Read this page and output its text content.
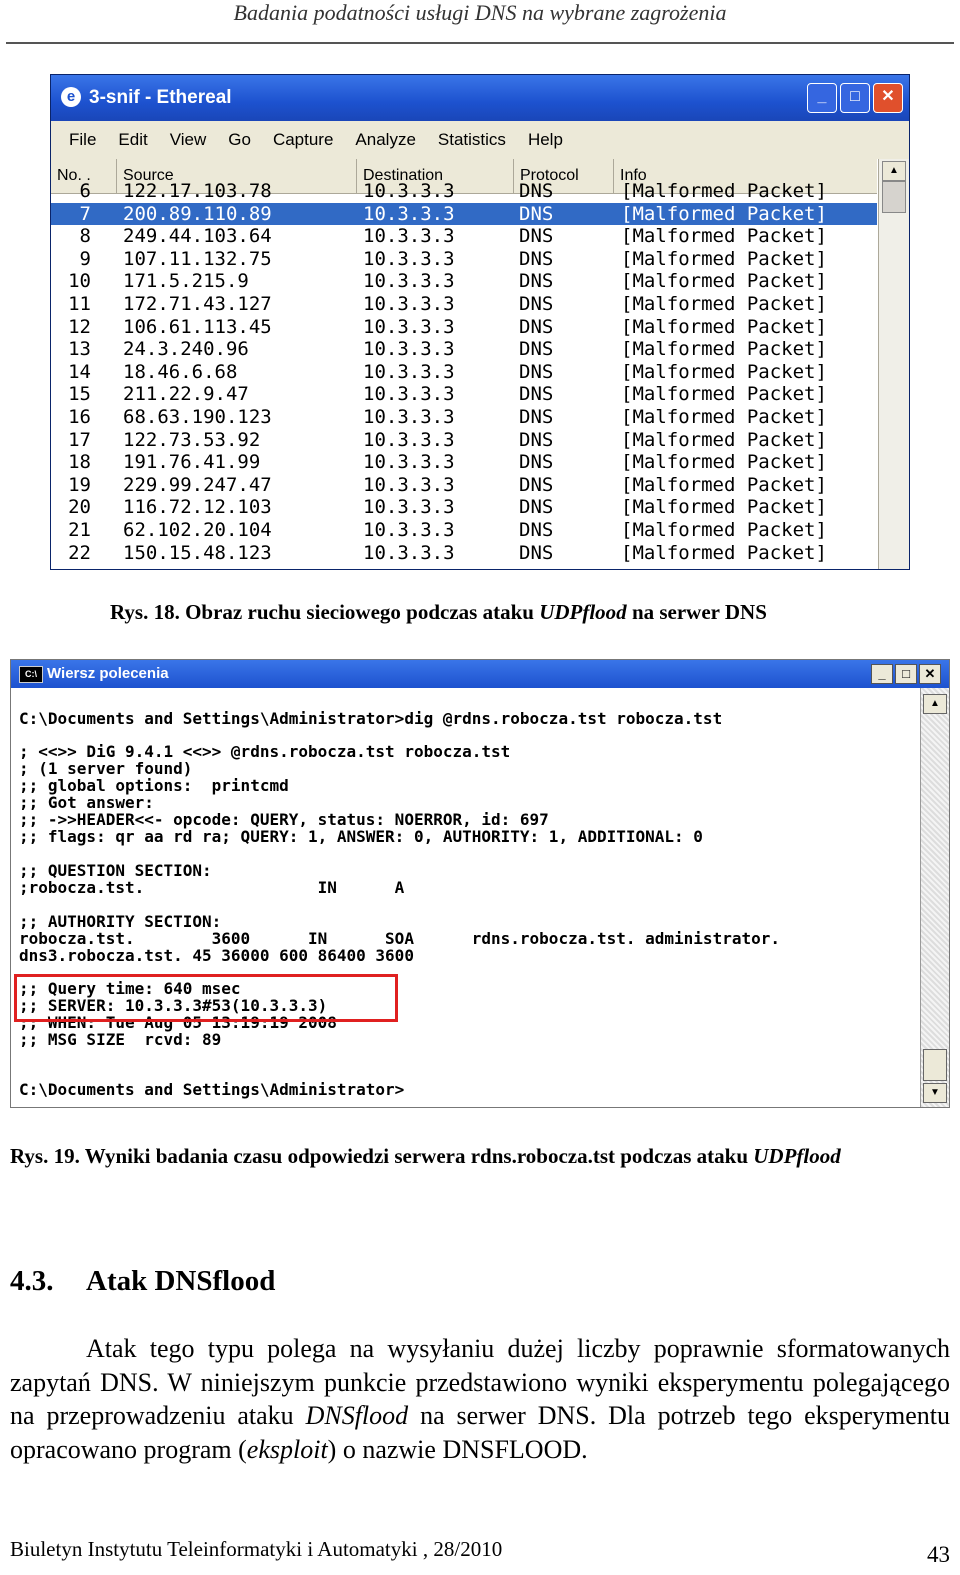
Badania podatności usługi DNS na wybrane zagrożenia
e 3-snif - Ethereal	_	□	✕
File Edit View Go Capture Analyze Statistics Help
No. .	Source	Destination	Protocol	Info
6 122.17.103.78	10.3.3.3	DNS	[Malformed Packet]
7 200.89.110.89	10.3.3.3	DNS	[Malformed Packet]
8 249.44.103.64	10.3.3.3	DNS	[Malformed Packet]
9 107.11.132.75	10.3.3.3	DNS	[Malformed Packet]
10 171.5.215.9	10.3.3.3	DNS	[Malformed Packet]
11 172.71.43.127	10.3.3.3	DNS	[Malformed Packet]
12 106.61.113.45	10.3.3.3	DNS	[Malformed Packet]
13 24.3.240.96	10.3.3.3	DNS	[Malformed Packet]
14 18.46.6.68	10.3.3.3	DNS	[Malformed Packet]
15 211.22.9.47	10.3.3.3	DNS	[Malformed Packet]
16 68.63.190.123	10.3.3.3	DNS	[Malformed Packet]
17 122.73.53.92	10.3.3.3	DNS	[Malformed Packet]
18 191.76.41.99	10.3.3.3	DNS	[Malformed Packet]
19 229.99.247.47	10.3.3.3	DNS	[Malformed Packet]
20 116.72.12.103	10.3.3.3	DNS	[Malformed Packet]
21 62.102.20.104	10.3.3.3	DNS	[Malformed Packet]
22 150.15.48.123	10.3.3.3	DNS	[Malformed Packet]
▲
Rys. 18. Obraz ruchu sieciowego podczas ataku UDPflood na serwer DNS
C:\ Wiersz polecenia	_	□	✕
C:\Documents and Settings\Administrator>dig @rdns.robocza.tst robocza.tst
; <<>> DiG 9.4.1 <<>> @rdns.robocza.tst robocza.tst
; (1 server found)
;; global options:  printcmd
;; Got answer:
;; ->>HEADER<<- opcode: QUERY, status: NOERROR, id: 697
;; flags: qr aa rd ra; QUERY: 1, ANSWER: 0, AUTHORITY: 1, ADDITIONAL: 0
;; QUESTION SECTION:
;robocza.tst.                  IN      A
;; AUTHORITY SECTION:
robocza.tst.        3600      IN      SOA      rdns.robocza.tst. administrator.
dns3.robocza.tst. 45 36000 600 86400 3600
;; Query time: 640 msec
;; SERVER: 10.3.3.3#53(10.3.3.3)
;; WHEN: Tue Aug 05 13:19:19 2008
;; MSG SIZE  rcvd: 89
C:\Documents and Settings\Administrator>
▲
▼
Rys. 19. Wyniki badania czasu odpowiedzi serwera rdns.robocza.tst podczas ataku UDPflood
4.3. Atak DNSflood

Atak tego typu polega na wysyłaniu dużej liczby poprawnie sformatowanych zapytań DNS. W niniejszym punkcie przedstawiono wyniki eksperymentu polegającego na przeprowadzeniu ataku DNSflood na serwer DNS. Dla potrzeb tego eksperymentu opracowano program (eksploit) o nazwie DNSFLOOD.

Biuletyn Instytutu Teleinformatyki i Automatyki , 28/2010	43
